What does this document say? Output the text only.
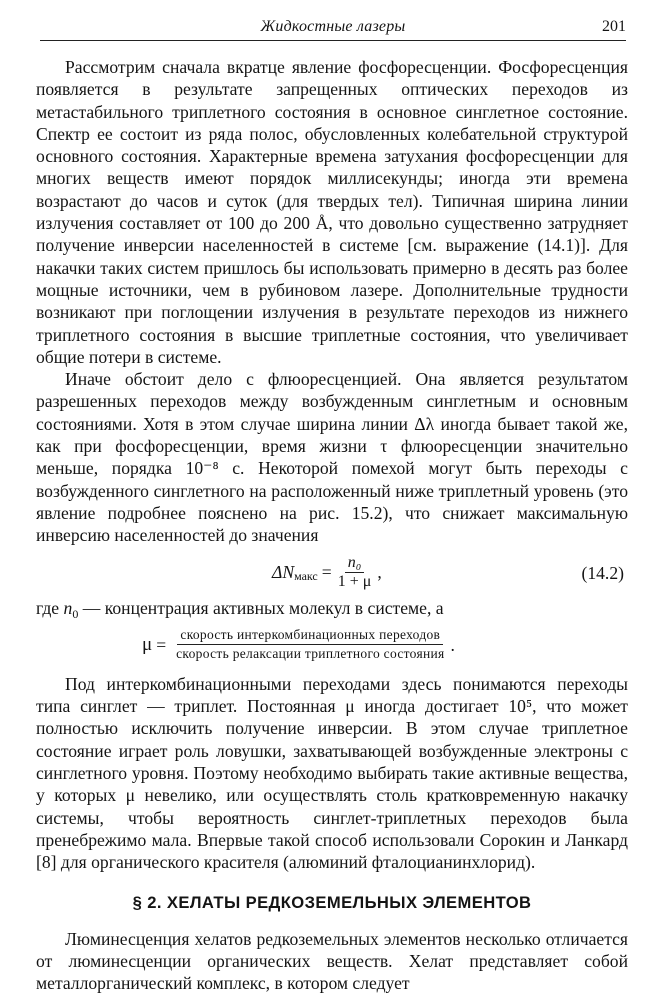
Жидкостные лазеры	201

Рассмотрим сначала вкратце явление фосфоресценции. Фосфоресценция появляется в результате запрещенных оптических переходов из метастабильного триплетного состояния в основное синглетное состояние. Спектр ее состоит из ряда полос, обусловленных колебательной структурой основного состояния. Характерные времена затухания фосфоресценции для многих веществ имеют порядок миллисекунды; иногда эти времена возрастают до часов и суток (для твердых тел). Типичная ширина линии излучения составляет от 100 до 200 Å, что довольно существенно затрудняет получение инверсии населенностей в системе [см. выражение (14.1)]. Для накачки таких систем пришлось бы использовать примерно в десять раз более мощные источники, чем в рубиновом лазере. Дополнительные трудности возникают при поглощении излучения в результате переходов из нижнего триплетного состояния в высшие триплетные состояния, что увеличивает общие потери в системе.

Иначе обстоит дело с флюоресценцией. Она является результатом разрешенных переходов между возбужденным синглетным и основным состояниями. Хотя в этом случае ширина линии Δλ иногда бывает такой же, как при фосфоресценции, время жизни τ флюоресценции значительно меньше, порядка 10⁻⁸ с. Некоторой помехой могут быть переходы с возбужденного синглетного на расположенный ниже триплетный уровень (это явление подробнее пояснено на рис. 15.2), что снижает максимальную инверсию населенностей до значения

ΔN макс = $\frac{\text{n₀}}{1 + \mu}$ ,	(14.2)

где $n_0$ — концентрация активных молекул в системе, а

$\mu = \frac{\text{скорость интеркомбинационных переходов}}{\text{скорость релаксации триплетного состояния}}$ .

Под интеркомбинационными переходами здесь понимаются переходы типа синглет — триплет. Постоянная μ иногда достигает 10⁵, что может полностью исключить получение инверсии. В этом случае триплетное состояние играет роль ловушки, захватывающей возбужденные электроны с синглетного уровня. Поэтому необходимо выбирать такие активные вещества, у которых μ невелико, или осуществлять столь кратковременную накачку системы, чтобы вероятность синглет-триплетных переходов была пренебрежимо мала. Впервые такой способ использовали Сорокин и Ланкард [8] для органического красителя (алюминий фталоцианинхлорид).

§ 2. ХЕЛАТЫ РЕДКОЗЕМЕЛЬНЫХ ЭЛЕМЕНТОВ

Люминесценция хелатов редкоземельных элементов несколько отличается от люминесценции органических веществ. Хелат представляет собой металлорганический комплекс, в котором следует
